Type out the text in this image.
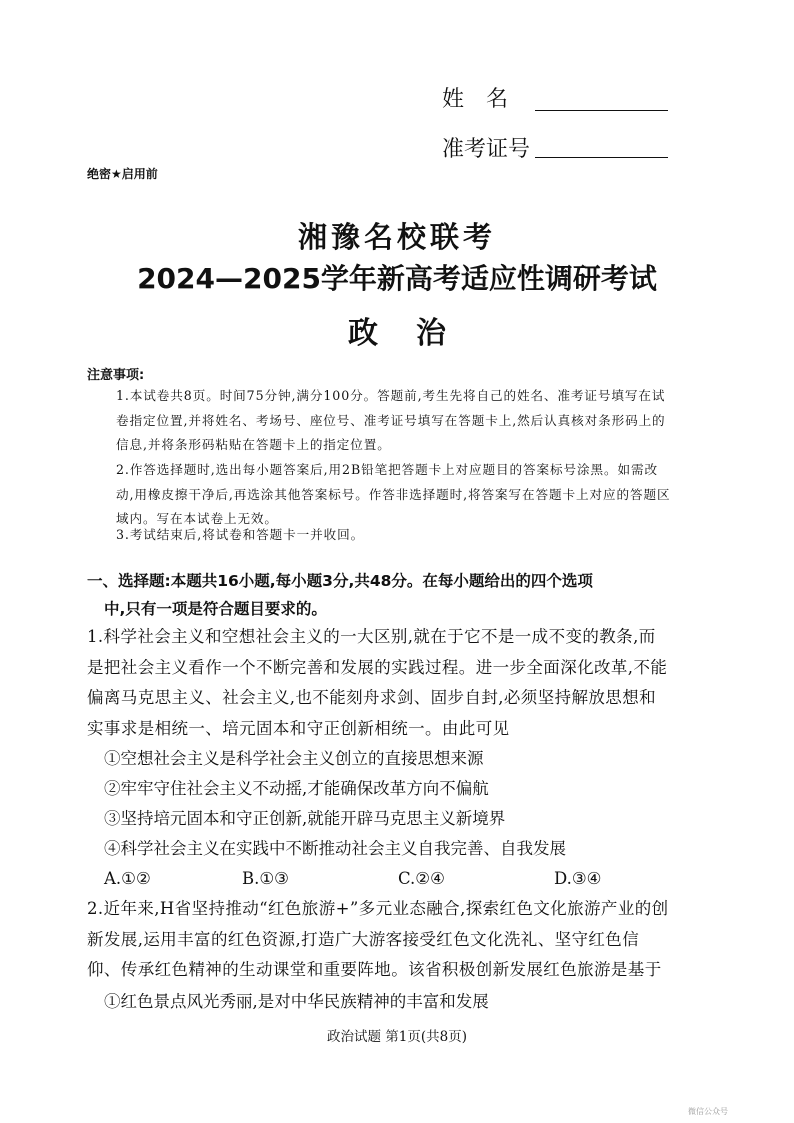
姓　名
准考证号
绝密★启用前
湘豫名校联考
2024—2025学年新高考适应性调研考试
政治
注意事项:
1.本试卷共8页。时间75分钟,满分100分。答题前,考生先将自己的姓名、准考证号填写在试卷指定位置,并将姓名、考场号、座位号、准考证号填写在答题卡上,然后认真核对条形码上的信息,并将条形码粘贴在答题卡上的指定位置。
2.作答选择题时,选出每小题答案后,用2B铅笔把答题卡上对应题目的答案标号涂黑。如需改动,用橡皮擦干净后,再选涂其他答案标号。作答非选择题时,将答案写在答题卡上对应的答题区域内。写在本试卷上无效。
3.考试结束后,将试卷和答题卡一并收回。
一、选择题:本题共16小题,每小题3分,共48分。在每小题给出的四个选项
中,只有一项是符合题目要求的。
1.科学社会主义和空想社会主义的一大区别,就在于它不是一成不变的教条,而是把社会主义看作一个不断完善和发展的实践过程。进一步全面深化改革,不能偏离马克思主义、社会主义,也不能刻舟求剑、固步自封,必须坚持解放思想和实事求是相统一、培元固本和守正创新相统一。由此可见
①空想社会主义是科学社会主义创立的直接思想来源
②牢牢守住社会主义不动摇,才能确保改革方向不偏航
③坚持培元固本和守正创新,就能开辟马克思主义新境界
④科学社会主义在实践中不断推动社会主义自我完善、自我发展
A.①②	B.①③	C.②④	D.③④
2.近年来,H省坚持推动“红色旅游+”多元业态融合,探索红色文化旅游产业的创新发展,运用丰富的红色资源,打造广大游客接受红色文化洗礼、坚守红色信仰、传承红色精神的生动课堂和重要阵地。该省积极创新发展红色旅游是基于
①红色景点风光秀丽,是对中华民族精神的丰富和发展
政治试题 第1页(共8页)
微信公众号
